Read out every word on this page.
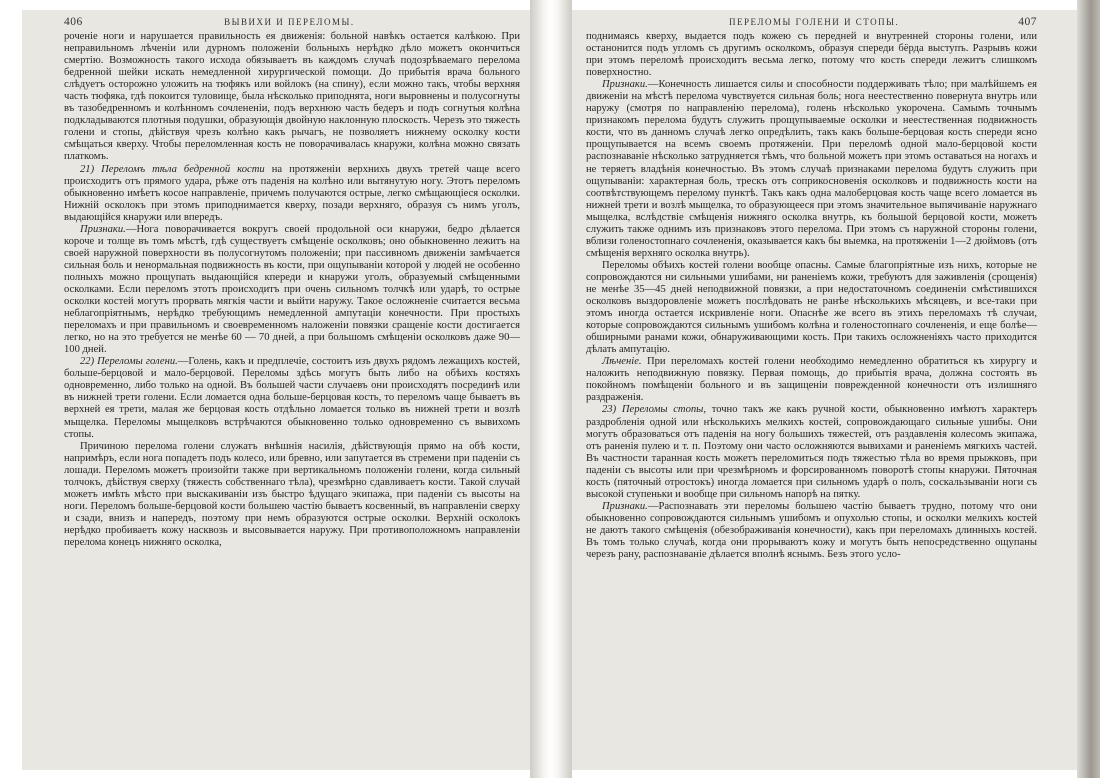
406	ВЫВИХИ И ПЕРЕЛОМЫ.

роченіе ноги и нарушается правильность ея движенія: больной навѣкъ остается калѣкою. При неправильномъ лѣченіи или дурномъ положеніи больныхъ нерѣдко дѣло можетъ окончиться смертію. Возможность такого исхода обязываетъ въ каждомъ случаѣ подозрѣваемаго перелома бедренной шейки искать немедленной хирургической помощи. До прибытія врача больного слѣдуетъ осторожно уложить на тюфякъ или войлокъ (на спину), если можно такъ, чтобы верхняя часть тюфяка, гдѣ покоится туловище, была нѣсколько приподнята, ноги выровнены и полусогнуты въ тазобедренномъ и колѣнномъ сочлененіи, подъ верхнюю часть бедеръ и подъ согнутыя колѣна подкладываются плотныя подушки, образующія двойную наклонную плоскость. Черезъ это тяжесть голени и стопы, дѣйствуя чрезъ колѣно какъ рычагъ, не позволяетъ нижнему осколку кости смѣщаться кверху. Чтобы переломленная кость не поворачивалась кнаружи, колѣна можно связать платкомъ.

21) Переломъ тѣла бедренной кости на протяженіи верхнихъ двухъ третей чаще всего происходитъ отъ прямого удара, рѣже отъ паденія на колѣно или вытянутую ногу. Этотъ переломъ обыкновенно имѣетъ косое направленіе, причемъ получаются острые, легко смѣщающіеся осколки. Нижній осколокъ при этомъ приподнимается кверху, позади верхняго, образуя съ нимъ уголъ, выдающійся кнаружи или впередъ.

Признаки.—Нога поворачивается вокругъ своей продольной оси кнаружи, бедро дѣлается короче и толще въ томъ мѣстѣ, гдѣ существуетъ смѣщеніе осколковъ; оно обыкновенно лежитъ на своей наружной поверхности въ полусогнутомъ положеніи; при пассивномъ движеніи замѣчается сильная боль и ненормальная подвижность въ кости, при ощупываніи которой у людей не особенно полныхъ можно прощупать выдающійся кпереди и кнаружи уголъ, образуемый смѣщенными осколками. Если переломъ этотъ происходитъ при очень сильномъ толчкѣ или ударѣ, то острые осколки костей могутъ прорвать мягкія части и выйти наружу. Такое осложненіе считается весьма неблагопріятнымъ, нерѣдко требующимъ немедленной ампутаціи конечности. При простыхъ переломахъ и при правильномъ и своевременномъ наложеніи повязки сращеніе кости достигается легко, но на это требуется не менѣе 60 — 70 дней, а при большомъ смѣщеніи осколковъ даже 90—100 дней.

22) Переломы голени.—Голень, какъ и предплечіе, состоитъ изъ двухъ рядомъ лежащихъ костей, больше-берцовой и мало-берцовой. Переломы здѣсь могутъ быть либо на обѣихъ костяхъ одновременно, либо только на одной. Въ большей части случаевъ они происходятъ посрединѣ или въ нижней трети голени. Если ломается одна больше-берцовая кость, то переломъ чаще бываетъ въ верхней ея трети, малая же берцовая кость отдѣльно ломается только въ нижней трети и возлѣ мыщелка. Переломы мыщелковъ встрѣчаются обыкновенно только одновременно съ вывихомъ стопы.

Причиною перелома голени служатъ внѣшнія насилія, дѣйствующія прямо на обѣ кости, напримѣръ, если нога попадетъ подъ колесо, или бревно, или запутается въ стремени при паденіи съ лошади. Переломъ можетъ произойти также при вертикальномъ положеніи голени, когда сильный толчокъ, дѣйствуя сверху (тяжесть собственнаго тѣла), чрезмѣрно сдавливаетъ кости. Такой случай можетъ имѣть мѣсто при выскакиваніи изъ быстро ѣдущаго экипажа, при паденіи съ высоты на ноги. Переломъ больше-берцовой кости большею частію бываетъ косвенный, въ направленіи сверху и сзади, внизъ и напередъ, поэтому при немъ образуются острые осколки. Верхній осколокъ нерѣдко пробиваетъ кожу насквозь и высовывается наружу. При противоположномъ направленіи перелома конецъ нижняго осколка,

ПЕРЕЛОМЫ ГОЛЕНИ И СТОПЫ.	407

поднимаясь кверху, выдается подъ кожею съ передней и внутренней стороны голени, или останонится подъ угломъ съ другимъ осколкомъ, образуя спереди бёрда выступъ. Разрывъ кожи при этомъ переломѣ происходитъ весьма легко, потому что кость спереди лежитъ слишкомъ поверхностно.

Признаки.—Конечность лишается силы и способности поддерживать тѣло; при малѣйшемъ ея движеніи на мѣстѣ перелома чувствуется сильная боль; нога неестественно повернута внутрь или наружу (смотря по направленію перелома), голень нѣсколько укорочена. Самымъ точнымъ признакомъ перелома будутъ служить прощупываемые осколки и неестественная подвижность кости, что въ данномъ случаѣ легко опредѣлить, такъ какъ больше-берцовая кость спереди ясно прощупывается на всемъ своемъ протяженіи. При переломѣ одной мало-берцовой кости распознаваніе нѣсколько затрудняется тѣмъ, что больной можетъ при этомъ оставаться на ногахъ и не теряетъ владѣнія конечностью. Въ этомъ случаѣ признаками перелома будутъ служить при ощупываніи: характерная боль, трескъ отъ соприкосновенія осколковъ и подвижность кости на соотвѣтствующемъ перелому пунктѣ. Такъ какъ одна малоберцовая кость чаще всего ломается въ нижней трети и возлѣ мыщелка, то образующееся при этомъ значительное выпячиваніе наружнаго мыщелка, вслѣдствіе смѣщенія нижняго осколка внутрь, къ большой берцовой кости, можетъ служить также однимъ изъ признаковъ этого перелома. При этомъ съ наружной стороны голени, вблизи голеностопнаго сочлененія, оказывается какъ бы выемка, на протяженіи 1—2 дюймовъ (отъ смѣщенія верхняго осколка внутрь).

Переломы обѣихъ костей голени вообще опасны. Самые благопріятные изъ нихъ, которые не сопровождаются ни сильными ушибами, ни раненіемъ кожи, требуютъ для заживленія (срощенія) не менѣе 35—45 дней неподвижной повязки, а при недостаточномъ соединеніи смѣстившихся осколковъ выздоровленіе можетъ послѣдовать не ранѣе нѣсколькихъ мѣсяцевъ, и все-таки при этомъ иногда остается искривленіе ноги. Опаснѣе же всего въ этихъ переломахъ тѣ случаи, которые сопровождаются сильнымъ ушибомъ колѣна и голеностопнаго сочлененія, и еще болѣе—обширными ранами кожи, обнаруживающими кость. При такихъ осложненіяхъ часто приходится дѣлать ампутацію.

Лѣченіе. При переломахъ костей голени необходимо немедленно обратиться къ хирургу и наложить неподвижную повязку. Первая помощь, до прибытія врача, должна состоять въ покойномъ помѣщеніи больного и въ защищеніи поврежденной конечности отъ излишняго раздраженія.

23) Переломы стопы, точно такъ же какъ ручной кости, обыкновенно имѣютъ характеръ раздробленія одной или нѣсколькихъ мелкихъ костей, сопровождающаго сильные ушибы. Они могутъ образоваться отъ паденія на ногу большихъ тяжестей, отъ раздавленія колесомъ экипажа, отъ раненія пулею и т. п. Поэтому они часто осложняются вывихами и раненіемъ мягкихъ частей. Въ частности таранная кость можетъ переломиться подъ тяжестью тѣла во время прыжковъ, при паденіи съ высоты или при чрезмѣрномъ и форсированномъ поворотѣ стопы кнаружи. Пяточная кость (пяточный отростокъ) иногда ломается при сильномъ ударѣ о полъ, соскальзываніи ноги съ высокой ступеньки и вообще при сильномъ напорѣ на пятку.

Признаки.—Распознавать эти переломы большею частію бываетъ трудно, потому что они обыкновенно сопровождаются сильнымъ ушибомъ и опухолью стопы, и осколки мелкихъ костей не даютъ такого смѣщенія (обезображиванія конечности), какъ при переломахъ длинныхъ костей. Въ томъ только случаѣ, когда они прорываютъ кожу и могутъ быть непосредственно ощупаны черезъ рану, распознаваніе дѣлается вполнѣ яснымъ. Безъ этого усло-
